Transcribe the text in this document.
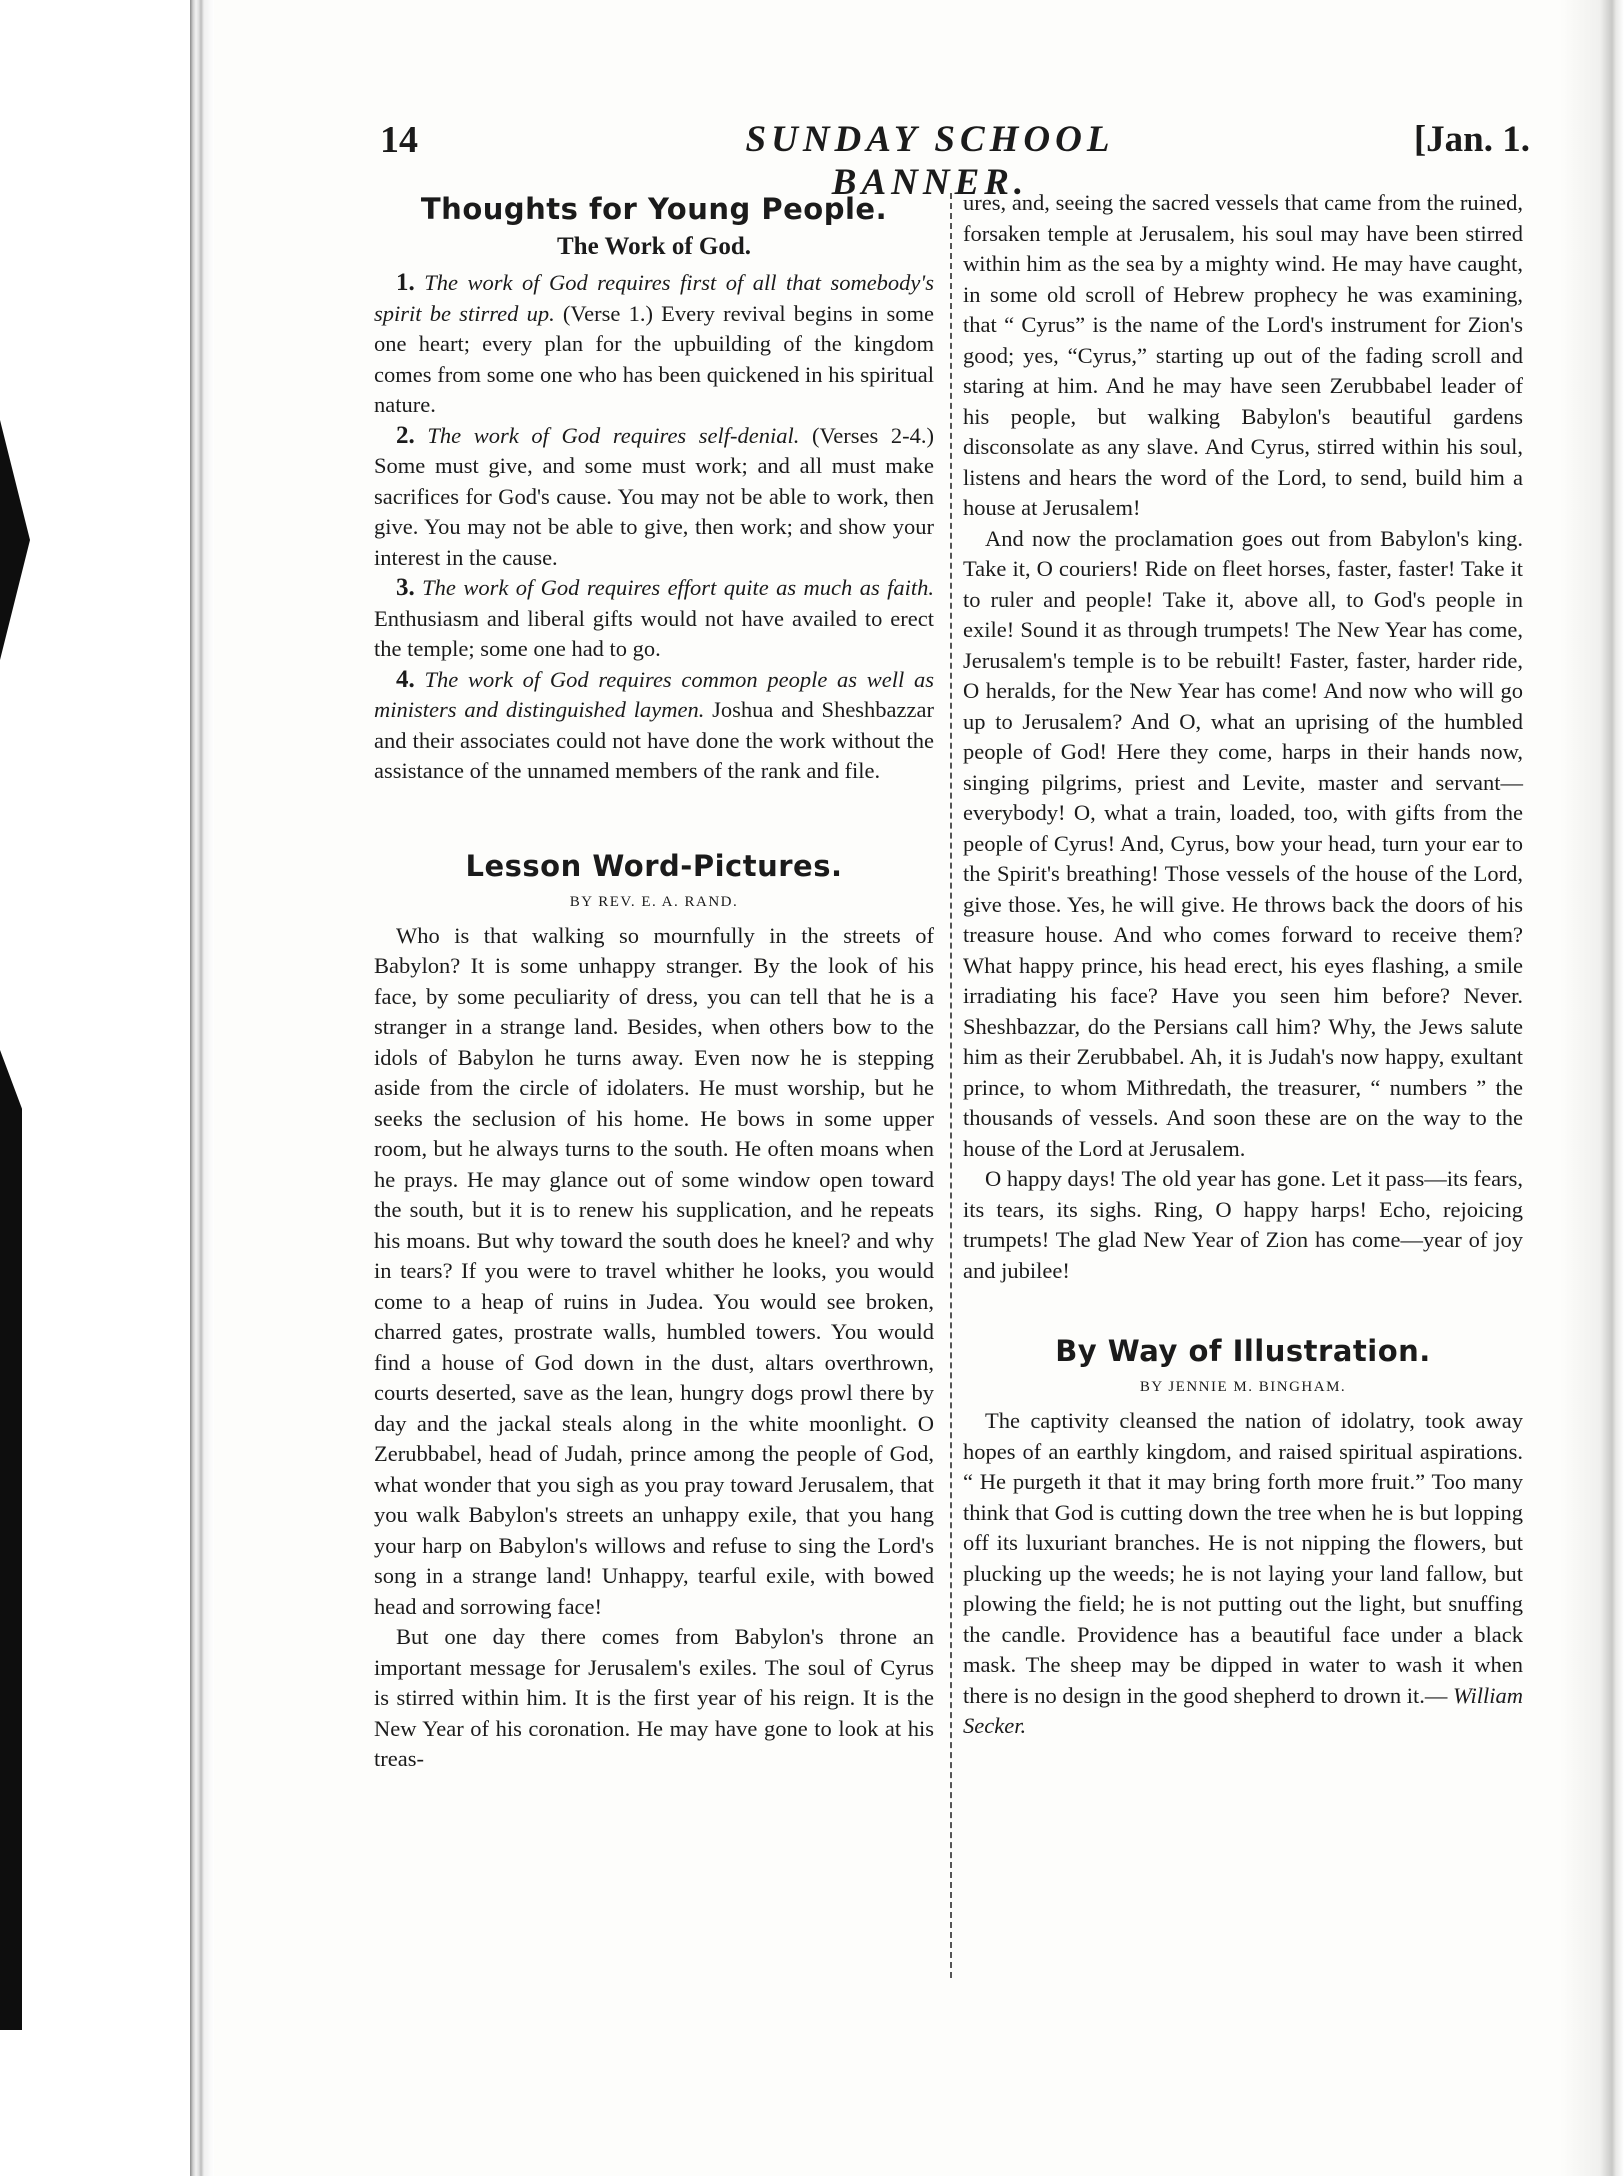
14	SUNDAY SCHOOL BANNER.
[Jan. 1.
Thoughts for Young People.
The Work of God.

1. The work of God requires first of all that somebody's spirit be stirred up. (Verse 1.) Every revival begins in some one heart; every plan for the upbuilding of the kingdom comes from some one who has been quickened in his spiritual nature.

2. The work of God requires self-denial. (Verses 2-4.) Some must give, and some must work; and all must make sacrifices for God's cause. You may not be able to work, then give. You may not be able to give, then work; and show your interest in the cause.

3. The work of God requires effort quite as much as faith. Enthusiasm and liberal gifts would not have availed to erect the temple; some one had to go.

4. The work of God requires common people as well as ministers and distinguished laymen. Joshua and Sheshbazzar and their associates could not have done the work without the assistance of the unnamed members of the rank and file.

Lesson Word-Pictures.
BY REV. E. A. RAND.

Who is that walking so mournfully in the streets of Babylon? It is some unhappy stranger. By the look of his face, by some peculiarity of dress, you can tell that he is a stranger in a strange land. Besides, when others bow to the idols of Babylon he turns away. Even now he is stepping aside from the circle of idolaters. He must worship, but he seeks the seclusion of his home. He bows in some upper room, but he always turns to the south. He often moans when he prays. He may glance out of some window open toward the south, but it is to renew his supplication, and he repeats his moans. But why toward the south does he kneel? and why in tears? If you were to travel whither he looks, you would come to a heap of ruins in Judea. You would see broken, charred gates, prostrate walls, humbled towers. You would find a house of God down in the dust, altars overthrown, courts deserted, save as the lean, hungry dogs prowl there by day and the jackal steals along in the white moonlight. O Zerubbabel, head of Judah, prince among the people of God, what wonder that you sigh as you pray toward Jerusalem, that you walk Babylon's streets an unhappy exile, that you hang your harp on Babylon's willows and refuse to sing the Lord's song in a strange land! Unhappy, tearful exile, with bowed head and sorrowing face!

But one day there comes from Babylon's throne an important message for Jerusalem's exiles. The soul of Cyrus is stirred within him. It is the first year of his reign. It is the New Year of his coronation. He may have gone to look at his treas-

ures, and, seeing the sacred vessels that came from the ruined, forsaken temple at Jerusalem, his soul may have been stirred within him as the sea by a mighty wind. He may have caught, in some old scroll of Hebrew prophecy he was examining, that “ Cyrus” is the name of the Lord's instrument for Zion's good; yes, “Cyrus,” starting up out of the fading scroll and staring at him. And he may have seen Zerubbabel leader of his people, but walking Babylon's beautiful gardens disconsolate as any slave. And Cyrus, stirred within his soul, listens and hears the word of the Lord, to send, build him a house at Jerusalem!

And now the proclamation goes out from Babylon's king. Take it, O couriers! Ride on fleet horses, faster, faster! Take it to ruler and people! Take it, above all, to God's people in exile! Sound it as through trumpets! The New Year has come, Jerusalem's temple is to be rebuilt! Faster, faster, harder ride, O heralds, for the New Year has come! And now who will go up to Jerusalem? And O, what an uprising of the humbled people of God! Here they come, harps in their hands now, singing pilgrims, priest and Levite, master and servant—everybody! O, what a train, loaded, too, with gifts from the people of Cyrus! And, Cyrus, bow your head, turn your ear to the Spirit's breathing! Those vessels of the house of the Lord, give those. Yes, he will give. He throws back the doors of his treasure house. And who comes forward to receive them? What happy prince, his head erect, his eyes flashing, a smile irradiating his face? Have you seen him before? Never. Sheshbazzar, do the Persians call him? Why, the Jews salute him as their Zerubbabel. Ah, it is Judah's now happy, exultant prince, to whom Mithredath, the treasurer, “ numbers ” the thousands of vessels. And soon these are on the way to the house of the Lord at Jerusalem.

O happy days! The old year has gone. Let it pass—its fears, its tears, its sighs. Ring, O happy harps! Echo, rejoicing trumpets! The glad New Year of Zion has come—year of joy and jubilee!

By Way of Illustration.
BY JENNIE M. BINGHAM.

The captivity cleansed the nation of idolatry, took away hopes of an earthly kingdom, and raised spiritual aspirations. “ He purgeth it that it may bring forth more fruit.” Too many think that God is cutting down the tree when he is but lopping off its luxuriant branches. He is not nipping the flowers, but plucking up the weeds; he is not laying your land fallow, but plowing the field; he is not putting out the light, but snuffing the candle. Providence has a beautiful face under a black mask. The sheep may be dipped in water to wash it when there is no design in the good shepherd to drown it.— William Secker.
